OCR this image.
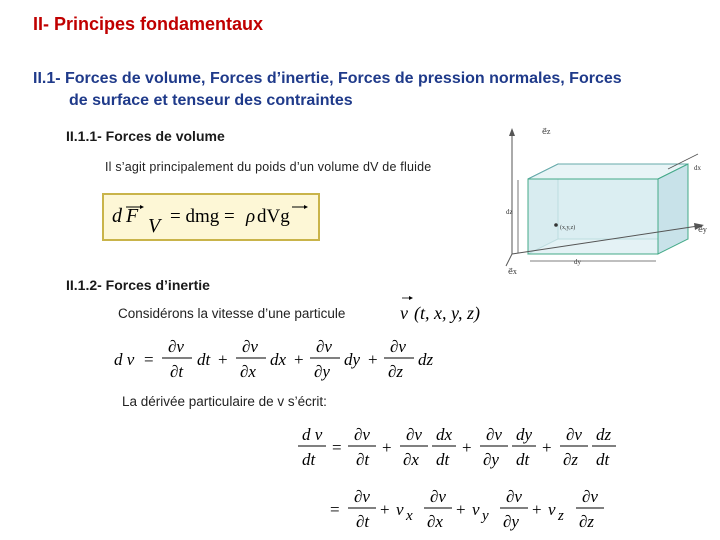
II- Principes fondamentaux
II.1- Forces de volume, Forces d’inertie, Forces de pression normales, Forces
de surface et tenseur des contraintes
II.1.1- Forces de volume
Il s’agit principalement du poids d’un volume dV de fluide
d F V = dmg = ρ dVg
e⃗z
dx
dz
(x,y,z)	e⃗y
dy
e⃗x
II.1.2- Forces d’inertie
Considérons la vitesse d’une particule	v (t, x, y, z)
d v =
∂v
∂t
dt +
∂v
∂x
dx +
∂v
∂y
dy +
∂v
∂z
dz
La dérivée particulaire de v s’écrit:
d v
dt
=
∂v
∂t
+
∂v
∂x
dx
dt
+
∂v
∂y
dy
dt
+
∂v
∂z
dz
dt
=
∂v
∂t
+ v x
∂v
∂x
+ v y
∂v
∂y
+ v z
∂v
∂z
